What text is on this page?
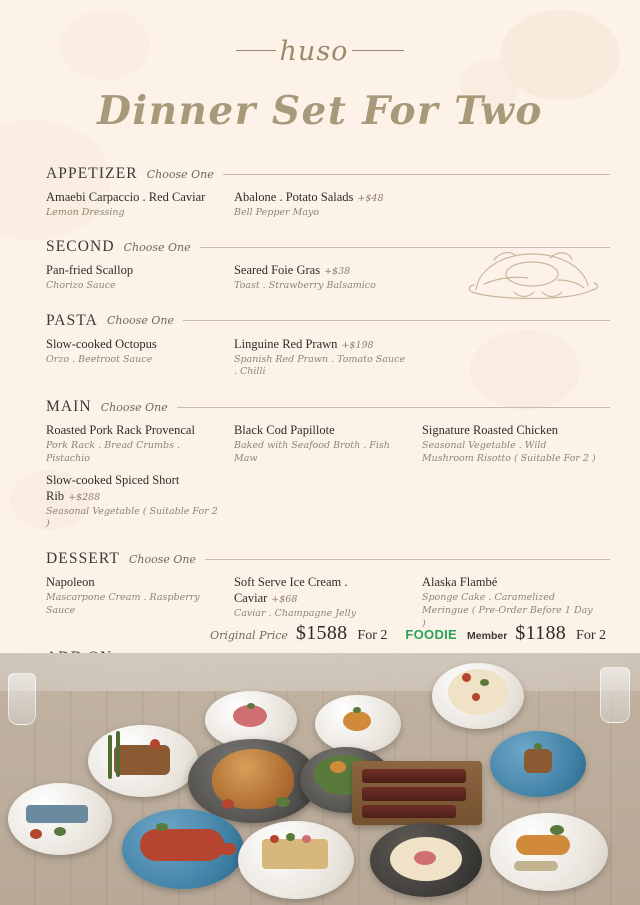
huso
Dinner Set For Two
APPETIZER Choose One
Amaebi Carpaccio . Red Caviar
Lemon Dressing
Abalone . Potato Salads +$48
Bell Pepper Mayo
SECOND Choose One
Pan-fried Scallop
Chorizo Sauce
Seared Foie Gras +$38
Toast . Strawberry Balsamico
PASTA Choose One
Slow-cooked Octopus
Orzo . Beetroot Sauce
Linguine Red Prawn +$198
Spanish Red Prawn . Tomato Sauce . Chilli
MAIN Choose One
Roasted Pork Rack Provencal
Pork Rack . Bread Crumbs . Pistachio
Slow-cooked Spiced Short Rib +$288
Seasonal Vegetable ( Suitable For 2 )
Black Cod Papillote
Baked with Seafood Broth . Fish Maw
Signature Roasted Chicken
Seasonal Vegetable . Wild Mushroom Risotto ( Suitable For 2 )
DESSERT Choose One
Napoleon
Mascarpone Cream . Raspberry Sauce
Soft Serve Ice Cream . Caviar +$68
Caviar . Champagne Jelly
Alaska Flambé
Sponge Cake . Caramelized Meringue ( Pre-Order Before 1 Day )
Original Price $1588 For 2 FOODIE Member $1188 For 2
